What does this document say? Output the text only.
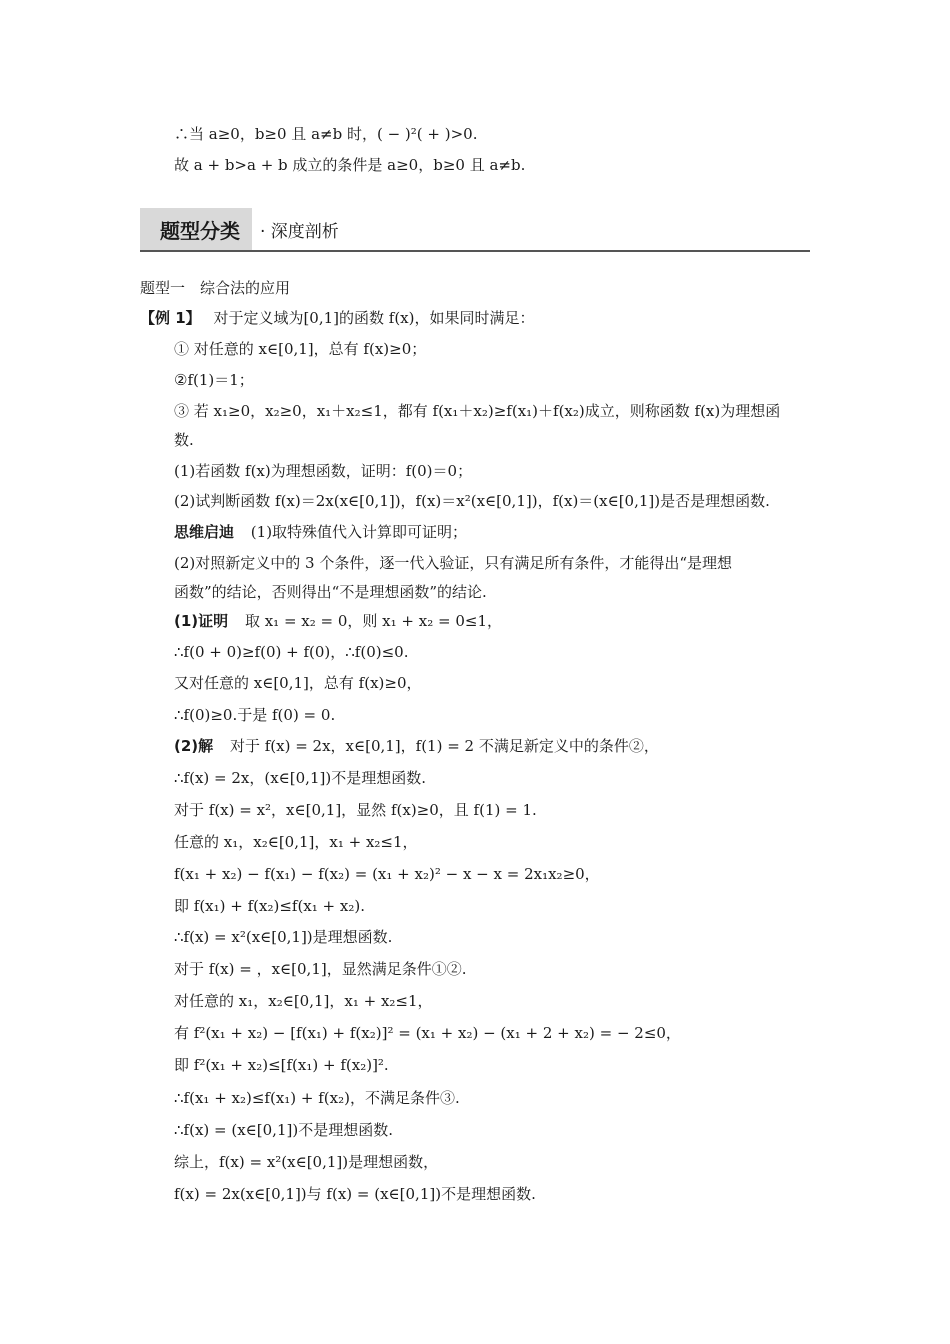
∴当 a≥0，b≥0 且 a≠b 时，( − )²( + )>0.
故 a + b>a + b 成立的条件是 a≥0，b≥0 且 a≠b.
题型分类 · 深度剖析
题型一　综合法的应用
【例 1】 对于定义域为[0,1]的函数 f(x)，如果同时满足：
① 对任意的 x∈[0,1]，总有 f(x)≥0；
②f(1)＝1；
③ 若 x₁≥0，x₂≥0，x₁＋x₂≤1，都有 f(x₁＋x₂)≥f(x₁)＋f(x₂)成立，则称函数 f(x)为理想函
数.
(1)若函数 f(x)为理想函数，证明：f(0)＝0；
(2)试判断函数 f(x)＝2x(x∈[0,1])，f(x)＝x²(x∈[0,1])，f(x)＝(x∈[0,1])是否是理想函数.
思维启迪 (1)取特殊值代入计算即可证明；
(2)对照新定义中的 3 个条件，逐一代入验证，只有满足所有条件，才能得出“是理想
函数”的结论，否则得出“不是理想函数”的结论.
(1)证明 取 x₁ = x₂ = 0，则 x₁ + x₂ = 0≤1，
∴f(0 + 0)≥f(0) + f(0)，∴f(0)≤0.
又对任意的 x∈[0,1]，总有 f(x)≥0，
∴f(0)≥0.于是 f(0) = 0.
(2)解 对于 f(x) = 2x，x∈[0,1]，f(1) = 2 不满足新定义中的条件②，
∴f(x) = 2x，(x∈[0,1])不是理想函数.
对于 f(x) = x²，x∈[0,1]，显然 f(x)≥0，且 f(1) = 1.
任意的 x₁，x₂∈[0,1]，x₁ + x₂≤1，
f(x₁ + x₂) − f(x₁) − f(x₂) = (x₁ + x₂)² − x − x = 2x₁x₂≥0，
即 f(x₁) + f(x₂)≤f(x₁ + x₂).
∴f(x) = x²(x∈[0,1])是理想函数.
对于 f(x) = ，x∈[0,1]，显然满足条件①②.
对任意的 x₁，x₂∈[0,1]，x₁ + x₂≤1，
有 f²(x₁ + x₂) − [f(x₁) + f(x₂)]² = (x₁ + x₂) − (x₁ + 2 + x₂) = − 2≤0，
即 f²(x₁ + x₂)≤[f(x₁) + f(x₂)]².
∴f(x₁ + x₂)≤f(x₁) + f(x₂)，不满足条件③.
∴f(x) = (x∈[0,1])不是理想函数.
综上，f(x) = x²(x∈[0,1])是理想函数，
f(x) = 2x(x∈[0,1])与 f(x) = (x∈[0,1])不是理想函数.
